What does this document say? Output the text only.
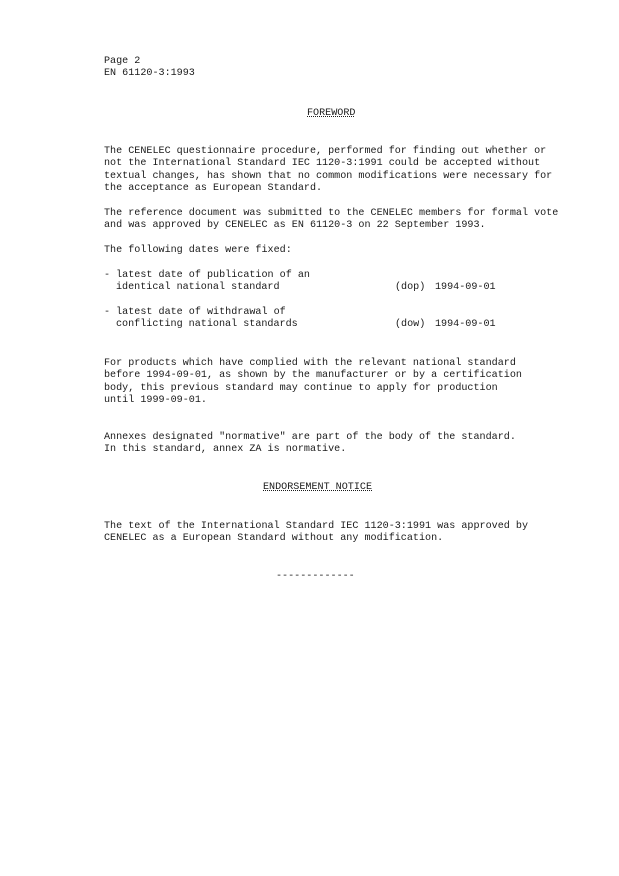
Page 2
EN 61120-3:1993
FOREWORD
The CENELEC questionnaire procedure, performed for finding out whether or
not the International Standard IEC 1120-3:1991 could be accepted without
textual changes, has shown that no common modifications were necessary for
the acceptance as European Standard.
The reference document was submitted to the CENELEC members for formal vote
and was approved by CENELEC as EN 61120-3 on 22 September 1993.
The following dates were fixed:
- latest date of publication of an
identical national standard	(dop) 1994-09-01
- latest date of withdrawal of
conflicting national standards	(dow) 1994-09-01
For products which have complied with the relevant national standard
before 1994-09-01, as shown by the manufacturer or by a certification
body, this previous standard may continue to apply for production
until 1999-09-01.
Annexes designated "normative" are part of the body of the standard.
In this standard, annex ZA is normative.
ENDORSEMENT NOTICE
The text of the International Standard IEC 1120-3:1991 was approved by
CENELEC as a European Standard without any modification.
-------------
